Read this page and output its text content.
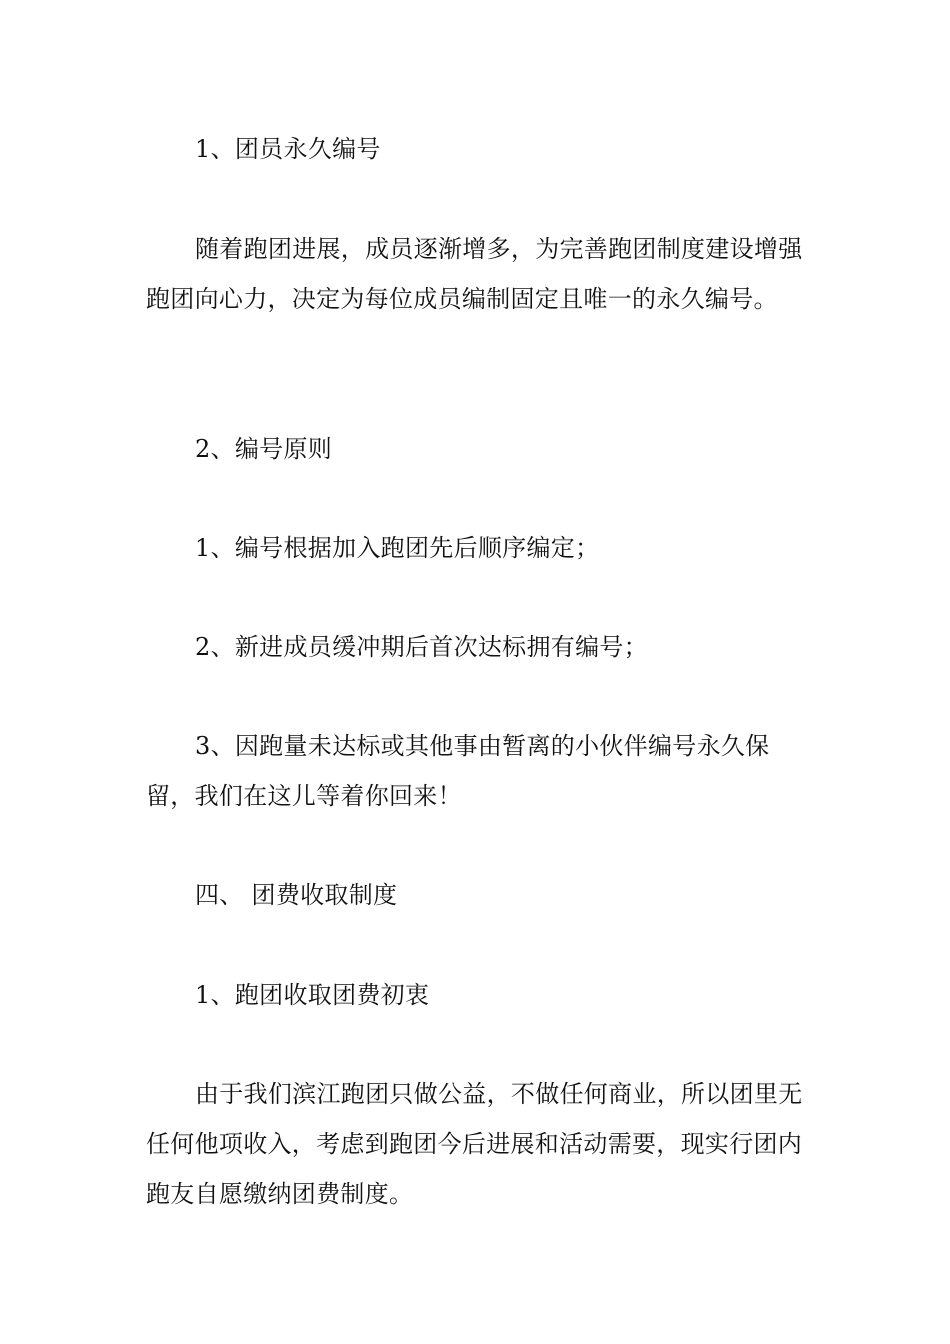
1、团员永久编号

随着跑团进展，成员逐渐增多，为完善跑团制度建设增强跑团向心力，决定为每位成员编制固定且唯一的永久编号。

2、编号原则

1、编号根据加入跑团先后顺序编定；

2、新进成员缓冲期后首次达标拥有编号；

3、因跑量未达标或其他事由暂离的小伙伴编号永久保留，我们在这儿等着你回来！

四、 团费收取制度

1、跑团收取团费初衷

由于我们滨江跑团只做公益，不做任何商业，所以团里无任何他项收入，考虑到跑团今后进展和活动需要，现实行团内跑友自愿缴纳团费制度。
